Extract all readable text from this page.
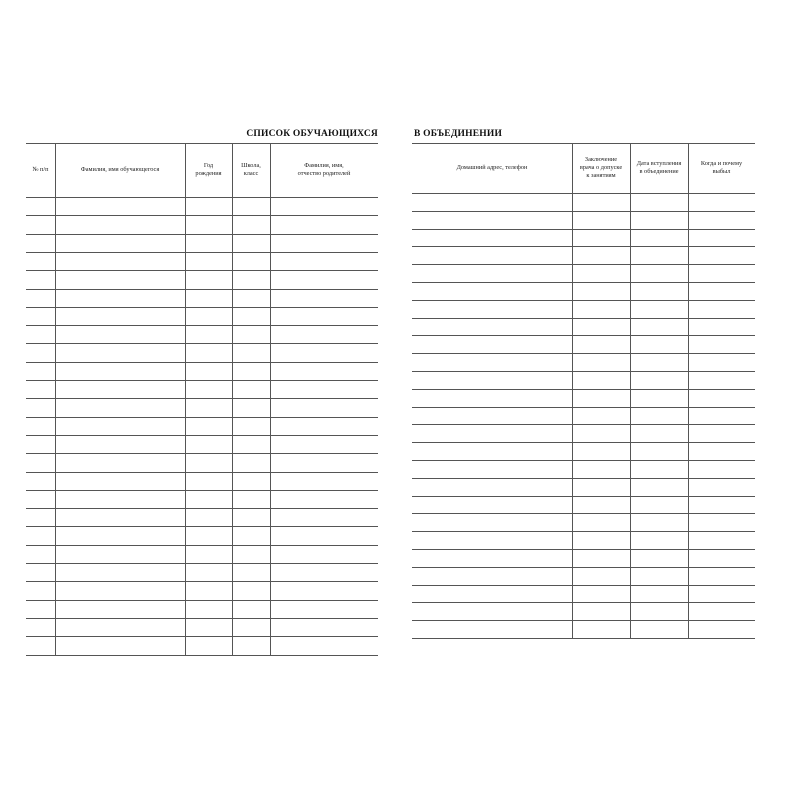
СПИСОК ОБУЧАЮЩИХСЯ	В ОБЪЕДИНЕНИИ
№ п/п	Фамилия, имя обучающегося
Год
рождения
Школа,
класс
Фамилия, имя,
отчество родителей
Домашний адрес, телефон
Заключение
врача о допуске
к занятиям
Дата вступления
в объединение
Когда и почему
выбыл
